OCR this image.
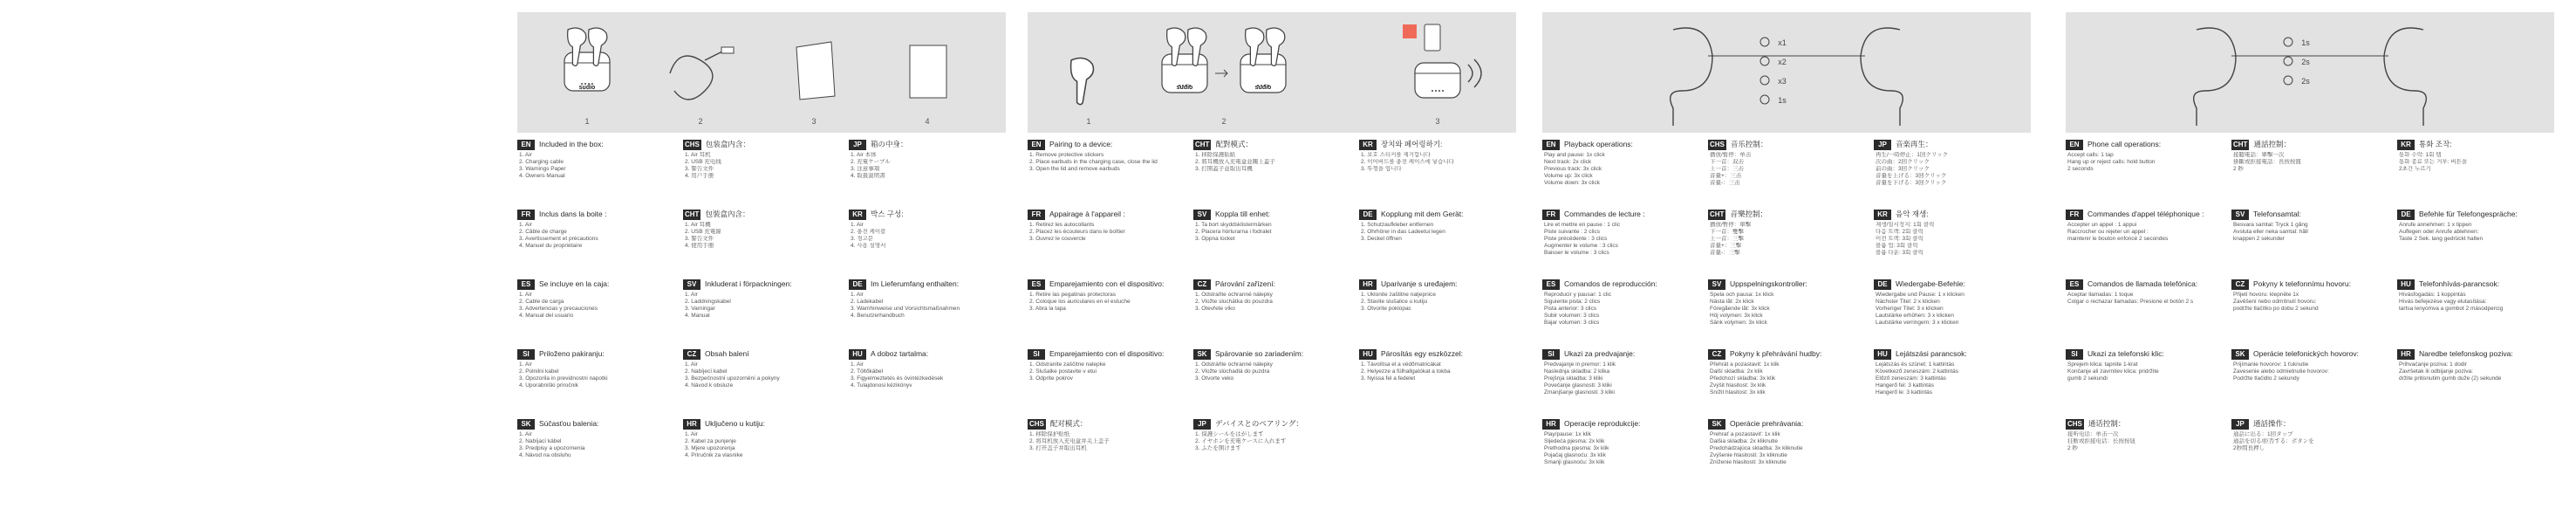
sudio
1	2	3	4
EN	Included in the box:
1. Air
2. Charging cable
3. Warnings Paper
4. Owners Manual
FR	Inclus dans la boite :
1. Air
2. Câble de charge
3. Avertissement et précautions
4. Manuel du propriétaire
ES	Se incluye en la caja:
1. Air
2. Cable de carga
3. Advertencias y precauciones
4. Manual del usuario
SI	Priloženo pakiranju:
1. Air
2. Polnilni kabel
3. Opozorila in previdnostni napotki
4. Uporabniški priročnik
SK	Súčasťou balenia:
1. Air
2. Nabíjací kábel
3. Predpisy a upozornenia
4. Návod na obsluhu
CHS 包装盒内含：
1. Air 耳机
2. USB 充电线
3. 警告文件
4. 用户手册
CHT 包裝盒內含：
1. Air 耳機
2. USB 充電線
3. 警告文件
4. 使用手冊
SV	Inkluderat i förpackningen:
1. Air
2. Laddningskabel
3. Varningar
4. Manual
CZ	Obsah balení
1. Air
2. Nabíjecí kabel
3. Bezpečnostní upozornění a pokyny
4. Návod k obsluze
HR	Uključeno u kutiju:
1. Air
2. Kabel za punjenje
3. Mjere upozorenja
4. Priručnik za vlasnike
JP	箱の中身：
1. Air 本体
2. 充電ケーブル
3. 注意事項
4. 取扱説明書
KR	박스 구성:
1. Air
2. 충전 케이블
3. 경고문
4. 사용 설명서
DE	Im Lieferumfang enthalten:
1. Air
2. Ladekabel
3. Warnhinweise und Vorsichtsmaßnahmen
4. Benutzerhandbuch
HU	A doboz tartalma:
1. Air
2. Töltőkábel
3. Figyelmeztetés és óvintézkedések
4. Tulajdonosi kézikönyv
sudio	sudio
1	2	3
EN	Pairing to a device:
1. Remove protective stickers
2. Place earbuds in the charging case, close the lid
3. Open the lid and remove earbuds
FR	Appairage à l'appareil :
1. Retirez les autocollants
2. Placez les écouteurs dans le boîtier
3. Ouvrez le couvercle
ES	Emparejamiento con el dispositivo:
1. Retire las pegatinas protectoras
2. Coloque los auriculares en el estuche
3. Abra la tapa
SI	Emparejamiento con el dispositivo:
1. Odstranite zaščitne nalepke
2. Slušalke postavite v etui
3. Odprite pokrov
CHS 配对模式：
1. 移除保护贴纸
2. 将耳机放入充电盒并关上盖子
3. 打开盖子并取出耳机
CHT 配對模式：
1. 移除保護貼紙
2. 將耳機放入充電盒並關上蓋子
3. 打開蓋子並取出耳機
SV	Koppla till enhet:
1. Ta bort skyddsklistermärken
2. Placera hörlurarna i fodralet
3. Öppna locket
CZ	Párování zařízení:
1. Odstraňte ochranné nálepky
2. Vložte sluchátka do pouzdra
3. Otevřete víko
SK	Spárovanie so zariadením:
1. Odstráňte ochranné nálepky
2. Vložte slúchadlá do puzdra
3. Otvorte veko
JP	デバイスとのペアリング：
1. 保護シールをはがします
2. イヤホンを充電ケースに入れます
3. ふたを開けます
KR	장치와 페어링하기:
1. 보호 스티커를 제거합니다
2. 이어버드를 충전 케이스에 넣습니다
3. 뚜껑을 엽니다
DE	Kopplung mit dem Gerät:
1. Schutzaufkleber entfernen
2. Ohrhörer in das Ladeetui legen
3. Deckel öffnen
HR	Uparivanje s uređajem:
1. Uklonite zaštitne naljepnice
2. Stavite slušalice u kutiju
3. Otvorite poklopac
HU	Párosítás egy eszközzel:
1. Távolítsa el a védőmatricákat
2. Helyezze a fülhallgatókat a tokba
3. Nyissa fel a fedelet
x1
x2
x3
1s
EN	Playback operations:
Play and pause: 1x click
Next track: 2x click
Previous track: 3x click
Volume up: 3x click
Volume down: 3x click
FR	Commandes de lecture :
Lire et mettre en pause : 1 clic
Piste suivante : 2 clics
Piste précédente : 3 clics
Augmenter le volume : 3 clics
Baisser le volume : 3 clics
ES	Comandos de reproducción:
Reproducir y pausar: 1 clic
Siguiente pista: 2 clics
Pista anterior: 3 clics
Subir volumen: 3 clics
Bajar volumen: 3 clics
SI	Ukazi za predvajanje:
Predvajanje in premor: 1 klik
Naslednja skladba: 2 klika
Prejšnja skladba: 3 kliki
Povečanje glasnosti: 3 kliki
Zmanjšanje glasnosti: 3 kliki
HR	Operacije reprodukcije:
Play/pause: 1x klik
Sljedeća pjesma: 2x klik
Prethodna pjesma: 3x klik
Pojačaj glasnoću: 3x klik
Smanji glasnoću: 3x klik
CHS 音乐控制：
播放/暂停：单击
下一首：双击
上一首：三击
音量+：三击
音量-：三击
CHT 音樂控制：
播放/暫停：單擊
下一首：雙擊
上一首：三擊
音量+：三擊
音量-：三擊
SV	Uppspelningskontroller:
Spela och pausa: 1x klick
Nästa låt: 2x klick
Föregående låt: 3x klick
Höj volymen: 3x klick
Sänk volymen: 3x klick
CZ	Pokyny k přehrávání hudby:
Přehrát a pozastavit: 1x klik
Další skladba: 2x klik
Předchozí skladba: 3x klik
Zvýšit hlasitost: 3x klik
Snížit hlasitost: 3x klik
SK	Operácie prehrávania:
Prehrať a pozastaviť: 1x klik
Ďalšia skladba: 2x kliknutie
Predchádzajúca skladba: 3x kliknutie
Zvýšenie hlasitosti: 3x kliknutie
Zníženie hlasitosti: 3x kliknutie
JP	音楽再生：
再生/一時停止：1回クリック
次の曲：2回クリック
前の曲：3回クリック
音量を上げる：3回クリック
音量を下げる：3回クリック
KR	음악 재생:
재생/일시정지: 1회 클릭
다음 트랙: 2회 클릭
이전 트랙: 3회 클릭
볼륨 업: 3회 클릭
볼륨 다운: 3회 클릭
DE	Wiedergabe-Befehle:
Wiedergabe und Pause: 1 x klicken
Nächster Titel: 2 x klicken
Vorheriger Titel: 3 x klicken
Lautstärke erhöhen: 3 x klicken
Lautstärke verringern: 3 x klicken
HU	Lejátszási parancsok:
Lejátszás és szünet: 1 kattintás
Következő zeneszám: 2 kattintás
Előző zeneszám: 3 kattintás
Hangerő fel: 3 kattintás
Hangerő le: 3 kattintás
1s
2s
2s
EN	Phone call operations:
Accept calls: 1 tap
Hang up or reject calls: hold button
2 seconds
FR	Commandes d'appel téléphonique :
Accepter un appel : 1 appui
Raccrocher ou rejeter un appel :
maintenir le bouton enfoncé 2 secondes
ES	Comandos de llamada telefónica:
Aceptar llamadas: 1 toque
Colgar o rechazar llamadas: Presione el botón 2 s
SI	Ukazi za telefonski klic:
Sprejem klica: tapnite 1-krat
Končanje ali zavrnitev klica: pridržite
gumb 2 sekundi
CHS 通话控制：
接听电话：单击一次
挂断或拒接电话：长按按钮
2 秒
CHT 通話控制：
接聽電話：單擊一次
掛斷或拒接電話：長按按鈕
2 秒
SV	Telefonsamtal:
Besvara samtal: Tryck 1 gång
Avsluta eller neka samtal: håll
knappen 2 sekunder
CZ	Pokyny k telefonnímu hovoru:
Přijetí hovoru: klepněte 1x
Zavěšení nebo odmítnutí hovoru:
podržte tlačítko po dobu 2 sekund
SK	Operácie telefonických hovorov:
Prijímanie hovorov: 1 ťuknutie
Zavesenie alebo odmietnutie hovorov:
Podržte tlačidlo 2 sekundy
JP	通話操作：
通話に出る：1回タップ
通話を切る/拒否する：ボタンを
2秒間長押し
KR	통화 조작:
통화 수락: 1회 탭
통화 종료 또는 거부: 버튼을
2초간 누르기
DE	Befehle für Telefongespräche:
Anrufe annehmen: 1 x tippen
Auflegen oder Anrufe ablehnen:
Taste 2 Sek. lang gedrückt halten
HU	Telefonhívás-parancsok:
Hívásfogadás: 1 koppintás
Hívás befejezése vagy elutasítása:
tartsa lenyomva a gombot 2 másodpercig
HR	Naredbe telefonskog poziva:
Prihvaćanje poziva: 1 dodir
Završetak ili odbijanje poziva:
držite pritisnutim gumb duže (2) sekunde
